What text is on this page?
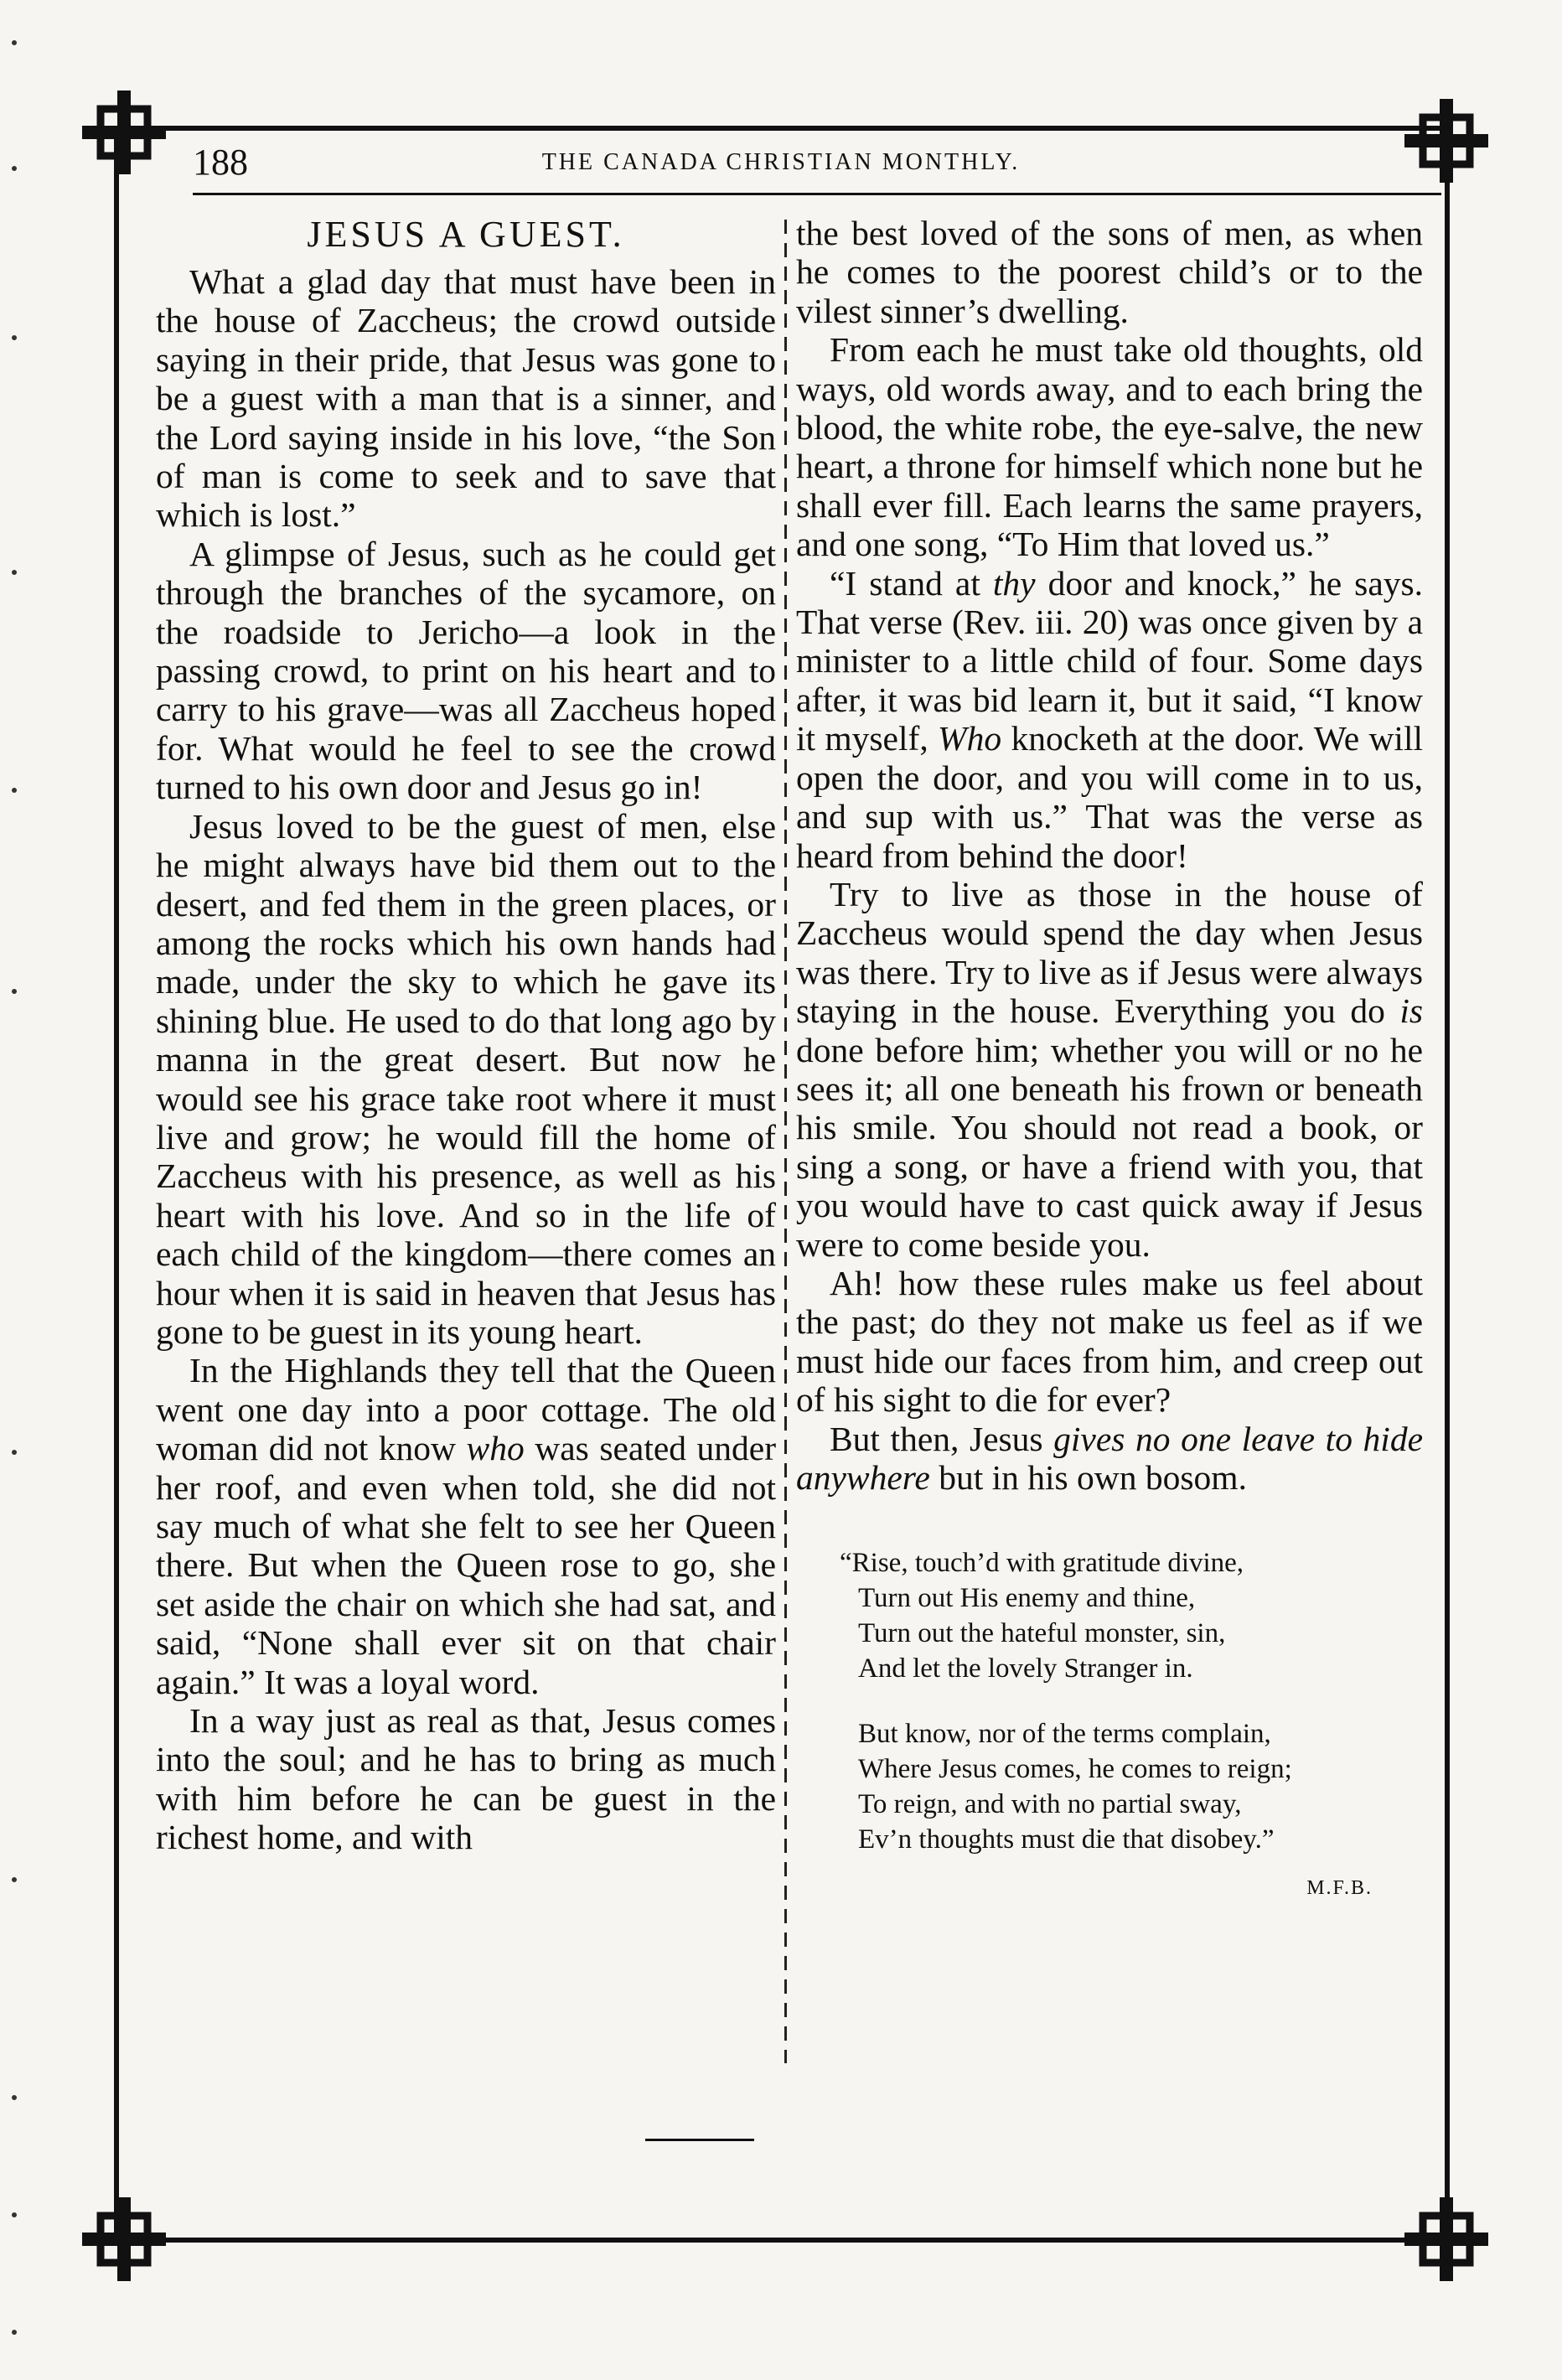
188	THE CANADA CHRISTIAN MONTHLY.
JESUS A GUEST.

What a glad day that must have been in the house of Zaccheus; the crowd outside saying in their pride, that Jesus was gone to be a guest with a man that is a sinner, and the Lord saying inside in his love, “the Son of man is come to seek and to save that which is lost.”

A glimpse of Jesus, such as he could get through the branches of the sycamore, on the roadside to Jericho—a look in the passing crowd, to print on his heart and to carry to his grave—was all Zaccheus hoped for. What would he feel to see the crowd turned to his own door and Jesus go in!

Jesus loved to be the guest of men, else he might always have bid them out to the desert, and fed them in the green places, or among the rocks which his own hands had made, under the sky to which he gave its shining blue. He used to do that long ago by manna in the great desert. But now he would see his grace take root where it must live and grow; he would fill the home of Zaccheus with his presence, as well as his heart with his love. And so in the life of each child of the kingdom—there comes an hour when it is said in heaven that Jesus has gone to be guest in its young heart.

In the Highlands they tell that the Queen went one day into a poor cottage. The old woman did not know who was seated under her roof, and even when told, she did not say much of what she felt to see her Queen there. But when the Queen rose to go, she set aside the chair on which she had sat, and said, “None shall ever sit on that chair again.” It was a loyal word.

In a way just as real as that, Jesus comes into the soul; and he has to bring as much with him before he can be guest in the richest home, and with

the best loved of the sons of men, as when he comes to the poorest child’s or to the vilest sinner’s dwelling.

From each he must take old thoughts, old ways, old words away, and to each bring the blood, the white robe, the eye-salve, the new heart, a throne for himself which none but he shall ever fill. Each learns the same prayers, and one song, “To Him that loved us.”

“I stand at thy door and knock,” he says. That verse (Rev. iii. 20) was once given by a minister to a little child of four. Some days after, it was bid learn it, but it said, “I know it myself, Who knocketh at the door. We will open the door, and you will come in to us, and sup with us.” That was the verse as heard from behind the door!

Try to live as those in the house of Zaccheus would spend the day when Jesus was there. Try to live as if Jesus were always staying in the house. Everything you do is done before him; whether you will or no he sees it; all one beneath his frown or beneath his smile. You should not read a book, or sing a song, or have a friend with you, that you would have to cast quick away if Jesus were to come beside you.

Ah! how these rules make us feel about the past; do they not make us feel as if we must hide our faces from him, and creep out of his sight to die for ever?

But then, Jesus gives no one leave to hide anywhere but in his own bosom.

“Rise, touch’d with gratitude divine,
Turn out His enemy and thine,
Turn out the hateful monster, sin,
And let the lovely Stranger in.
But know, nor of the terms complain,
Where Jesus comes, he comes to reign;
To reign, and with no partial sway,
Ev’n thoughts must die that disobey.”
M.F.B.
